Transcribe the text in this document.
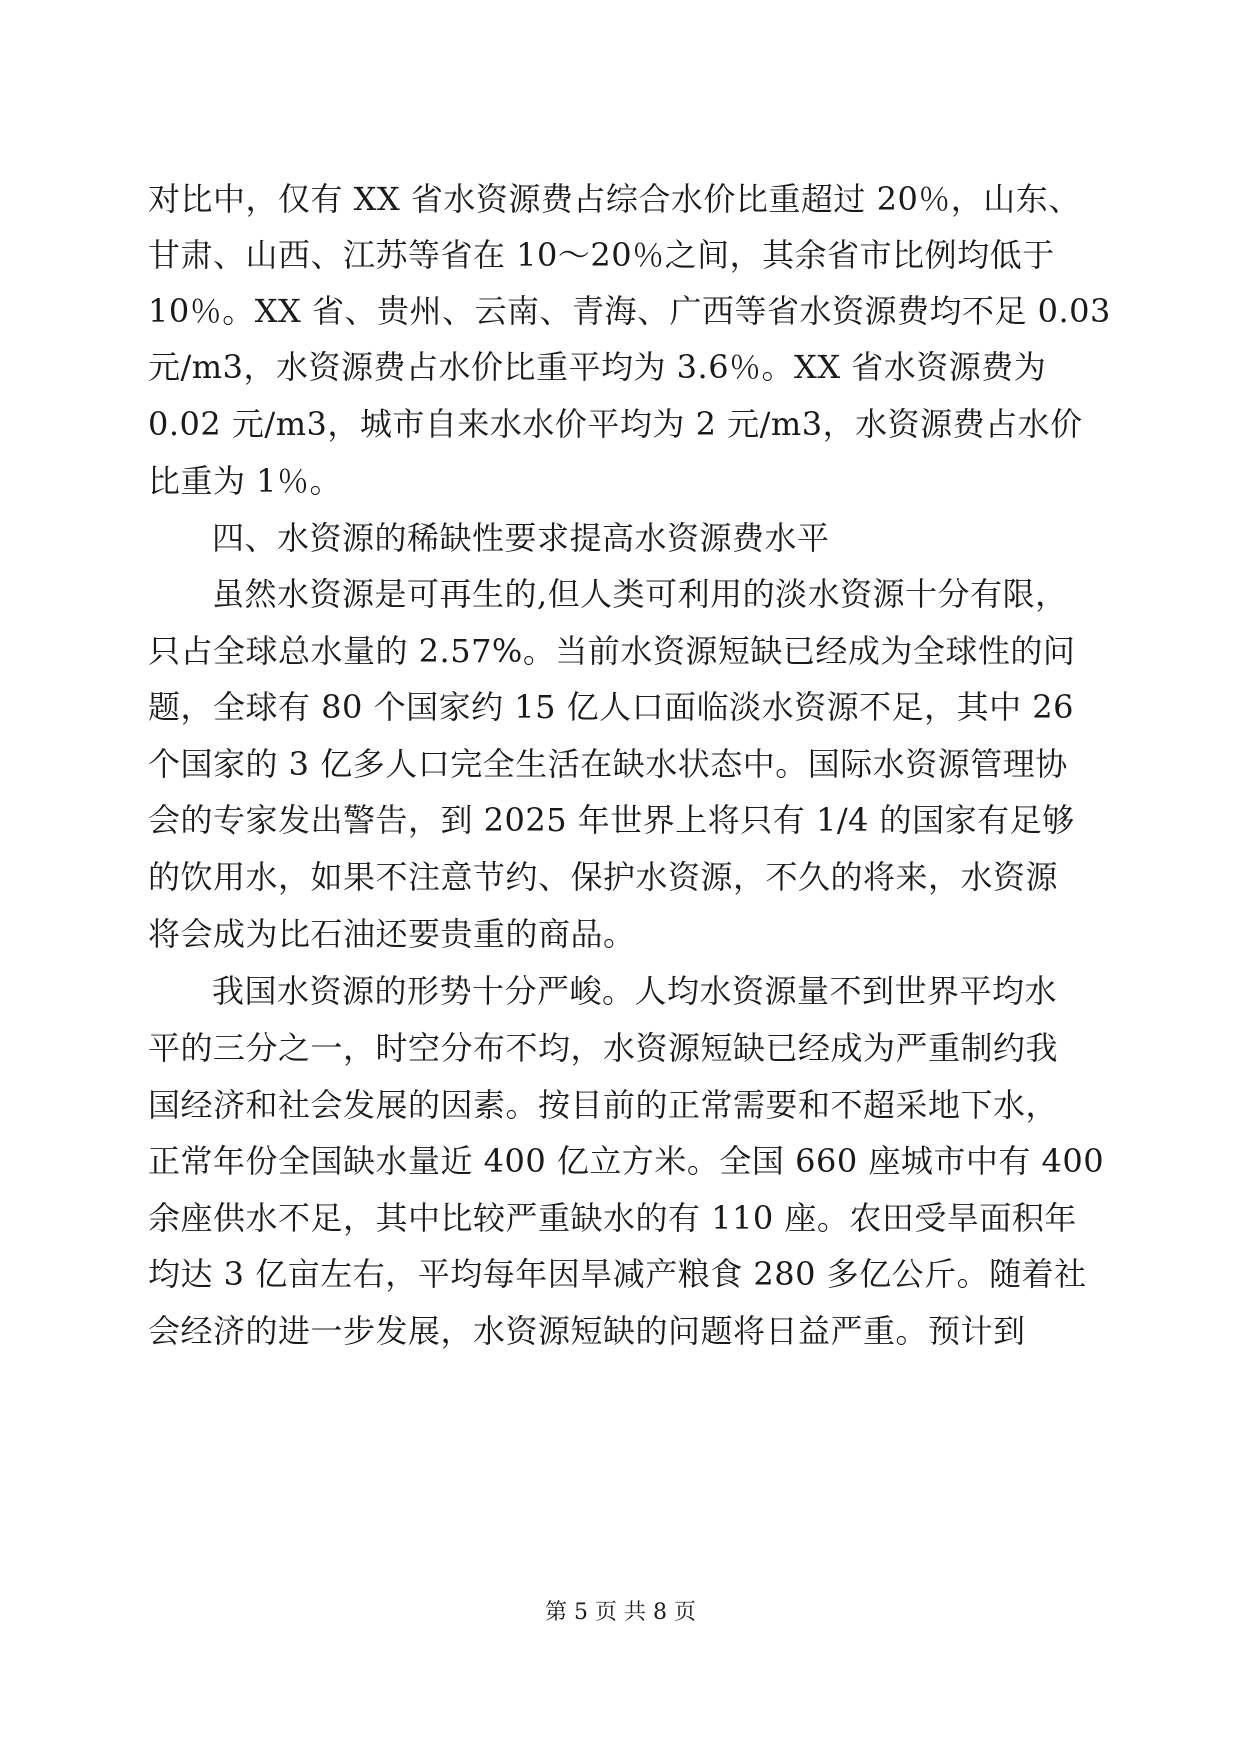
对比中，仅有 XX 省水资源费占综合水价比重超过 20％，山东、
甘肃、山西、江苏等省在 10～20％之间，其余省市比例均低于
10％。XX 省、贵州、云南、青海、广西等省水资源费均不足 0.03
元/m3，水资源费占水价比重平均为 3.6％。XX 省水资源费为
0.02 元/m3，城市自来水水价平均为 2 元/m3，水资源费占水价
比重为 1％。
四、水资源的稀缺性要求提高水资源费水平
虽然水资源是可再生的,但人类可利用的淡水资源十分有限，
只占全球总水量的 2.57%。当前水资源短缺已经成为全球性的问
题，全球有 80 个国家约 15 亿人口面临淡水资源不足，其中 26
个国家的 3 亿多人口完全生活在缺水状态中。国际水资源管理协
会的专家发出警告，到 2025 年世界上将只有 1/4 的国家有足够
的饮用水，如果不注意节约、保护水资源，不久的将来，水资源
将会成为比石油还要贵重的商品。
我国水资源的形势十分严峻。人均水资源量不到世界平均水
平的三分之一，时空分布不均，水资源短缺已经成为严重制约我
国经济和社会发展的因素。按目前的正常需要和不超采地下水，
正常年份全国缺水量近 400 亿立方米。全国 660 座城市中有 400
余座供水不足，其中比较严重缺水的有 110 座。农田受旱面积年
均达 3 亿亩左右，平均每年因旱减产粮食 280 多亿公斤。随着社
会经济的进一步发展，水资源短缺的问题将日益严重。预计到
第 5 页 共 8 页
